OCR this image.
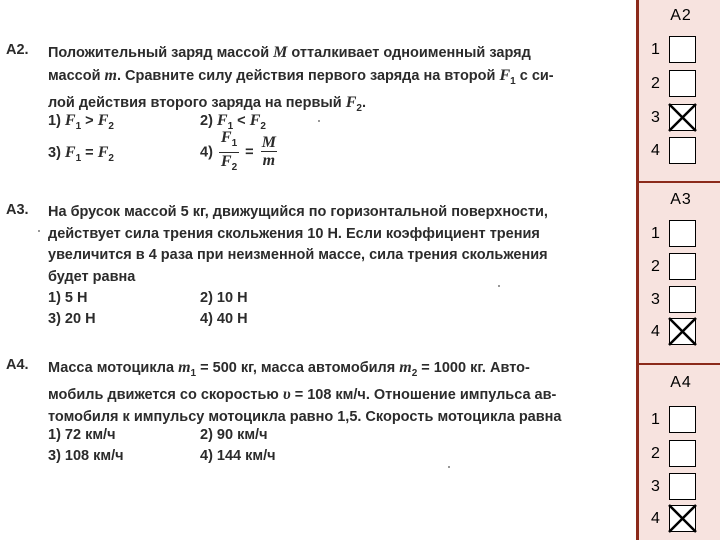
A2. Положительный заряд массой M отталкивает одноименный заряд

массой m. Сравните силу действия первого заряда на второй $F_1$ с си-

лой действия второго заряда на первый $F_2$.

1) $F_1 > F_2$	2) $F_1 < F_2$
3) $F_1 = F_2$	$4) \frac{F_1}{F_2} = \frac{M}{m}$
A3. На брусок массой 5 кг, движущийся по горизонтальной поверхности,

действует сила трения скольжения 10 Н. Если коэффициент трения

увеличится в 4 раза при неизменной массе, сила трения скольжения

будет равна

1) 5 Н	2) 10 Н
3) 20 Н	4) 40 Н
A4. Масса мотоцикла $m_1 = 500$ кг, масса автомобиля $m_2 = 1000$ кг. Авто-

мобиль движется со скоростью υ = 108 км/ч. Отношение импульса ав-

томобиля к импульсу мотоцикла равно 1,5. Скорость мотоцикла равна

1) 72 км/ч	2) 90 км/ч
3) 108 км/ч	4) 144 км/ч
A2
1
2
3
4
A3
1
2
3
4
A4
1
2
3
4
